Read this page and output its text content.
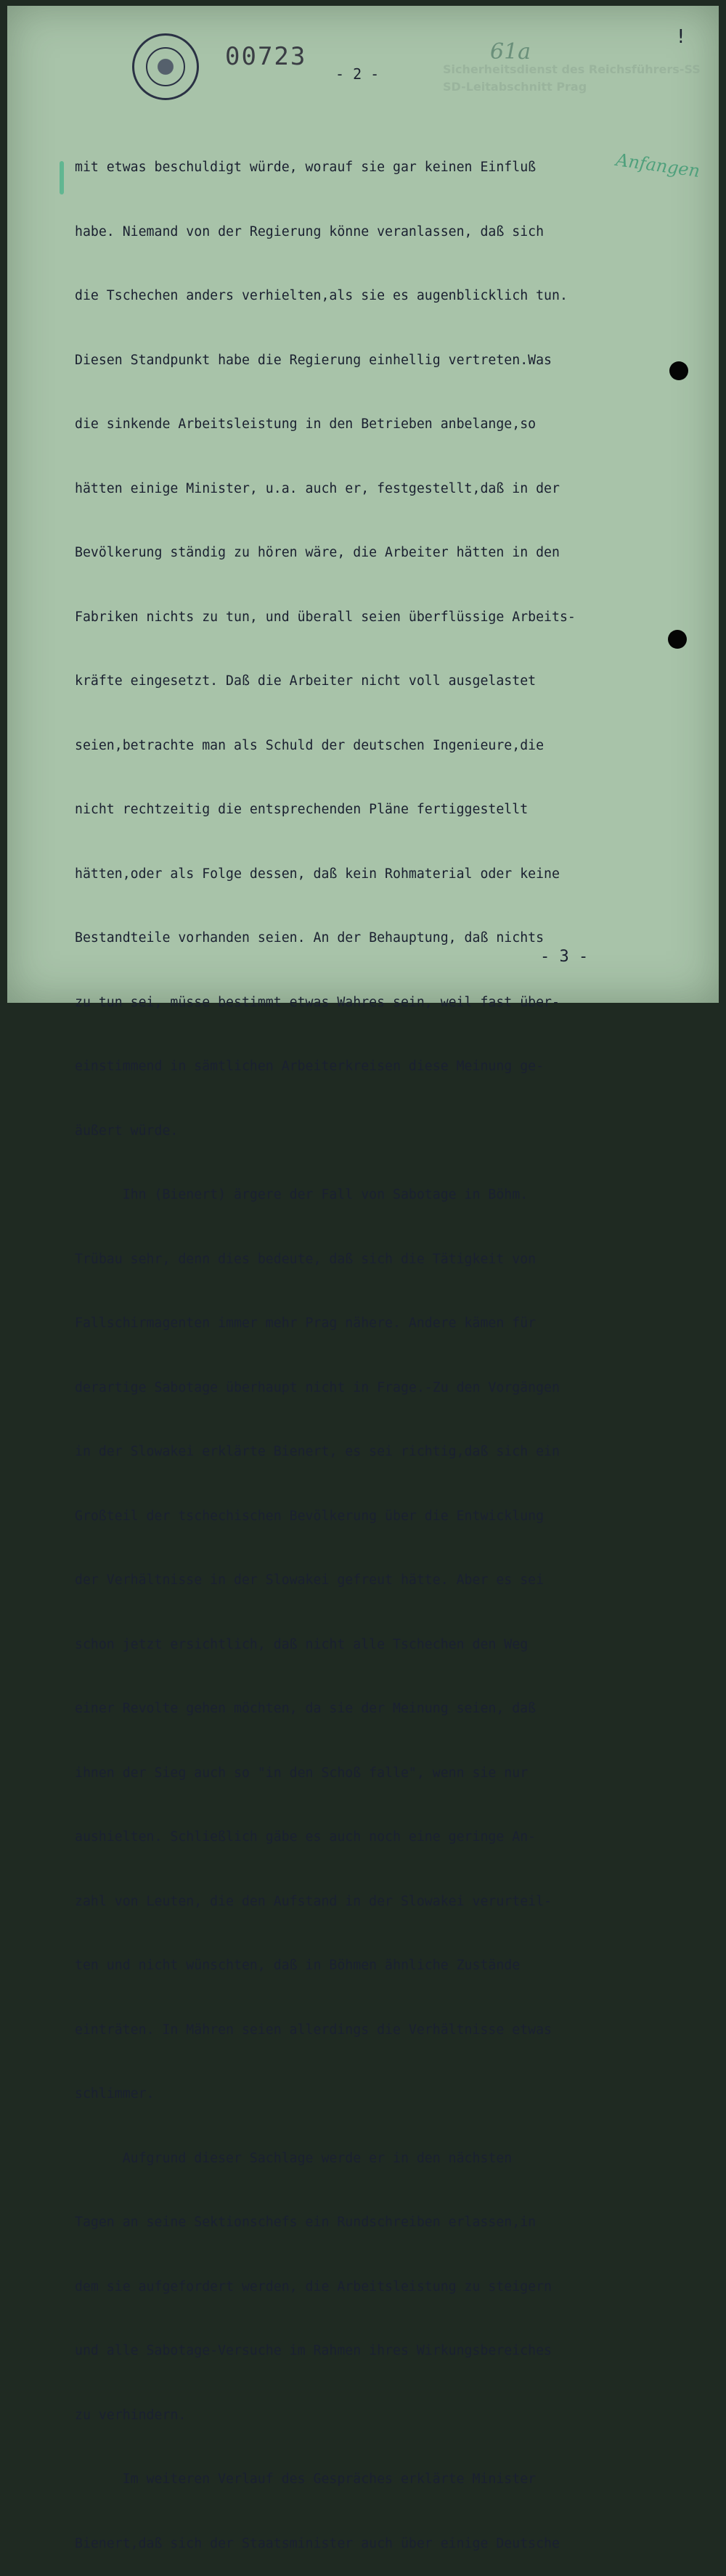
00723
- 2 -
61a
Sicherheitsdienst des Reichsführers-SS
SD-Leitabschnitt Prag
Anfangen
!

mit etwas beschuldigt würde, worauf sie gar keinen Einfluß

habe. Niemand von der Regierung könne veranlassen, daß sich

die Tschechen anders verhielten,als sie es augenblicklich tun.

Diesen Standpunkt habe die Regierung einhellig vertreten.Was

die sinkende Arbeitsleistung in den Betrieben anbelange,so

hätten einige Minister, u.a. auch er, festgestellt,daß in der

Bevölkerung ständig zu hören wäre, die Arbeiter hätten in den

Fabriken nichts zu tun, und überall seien überflüssige Arbeits-

kräfte eingesetzt. Daß die Arbeiter nicht voll ausgelastet

seien,betrachte man als Schuld der deutschen Ingenieure,die

nicht rechtzeitig die entsprechenden Pläne fertiggestellt

hätten,oder als Folge dessen, daß kein Rohmaterial oder keine

Bestandteile vorhanden seien. An der Behauptung, daß nichts

zu tun sei, müsse bestimmt etwas Wahres sein, weil fast über-

einstimmend in sämtlichen Arbeiterkreisen diese Meinung ge-

äußert würde.

Ihn (Bienert) ärgere der Fall von Sabotage in Böhm.

Trübau sehr, denn dies bedeute, daß sich die Tätigkeit von

Fallschirmagenten immer mehr Prag nähere. Andere kämen für

derartige Sabotage überhaupt nicht in Frage.-Zu den Vorgängen

in der Slowakei erklärte Bienert, es sei richtig,daß sich ein

Großteil der tschechischen Bevölkerung über die Entwicklung

der Verhältnisse in der Slowakei gefreut hätte. Aber es sei

schon jetzt ersichtlich, daß nicht alle Tschechen den Weg

einer Revolte gehen möchten, da sie der Meinung seien, daß

ihnen der Sieg auch so "in den Schoß falle", wenn sie nur

aushielten. Schließlich gäbe es auch noch eine geringe An-

zahl von Leuten, die den Aufstand in der Slowakei verurteil-

ten und nicht wünschten, daß in Böhmen ähnliche Zustände

einträten. In Mähren seien allerdings die Verhältnisse etwas

schlimmer.

Aufgrund dieser Sachlage werde er in den nächsten

Tagen an seine Sektionschefs ein Rundschreiben erlassen,in

dem sie aufgefordert werden, die Arbeitsleistung zu steigern

und alle Sabotage-Versuche im Rahmen ihres Wirkungsbereiches

zu verhindern.

Im weiteren Verlauf des Gespräches erklärte Minister

Bienert,daß sich der Staatsminister auch über einige Deutsche

- 3 -
